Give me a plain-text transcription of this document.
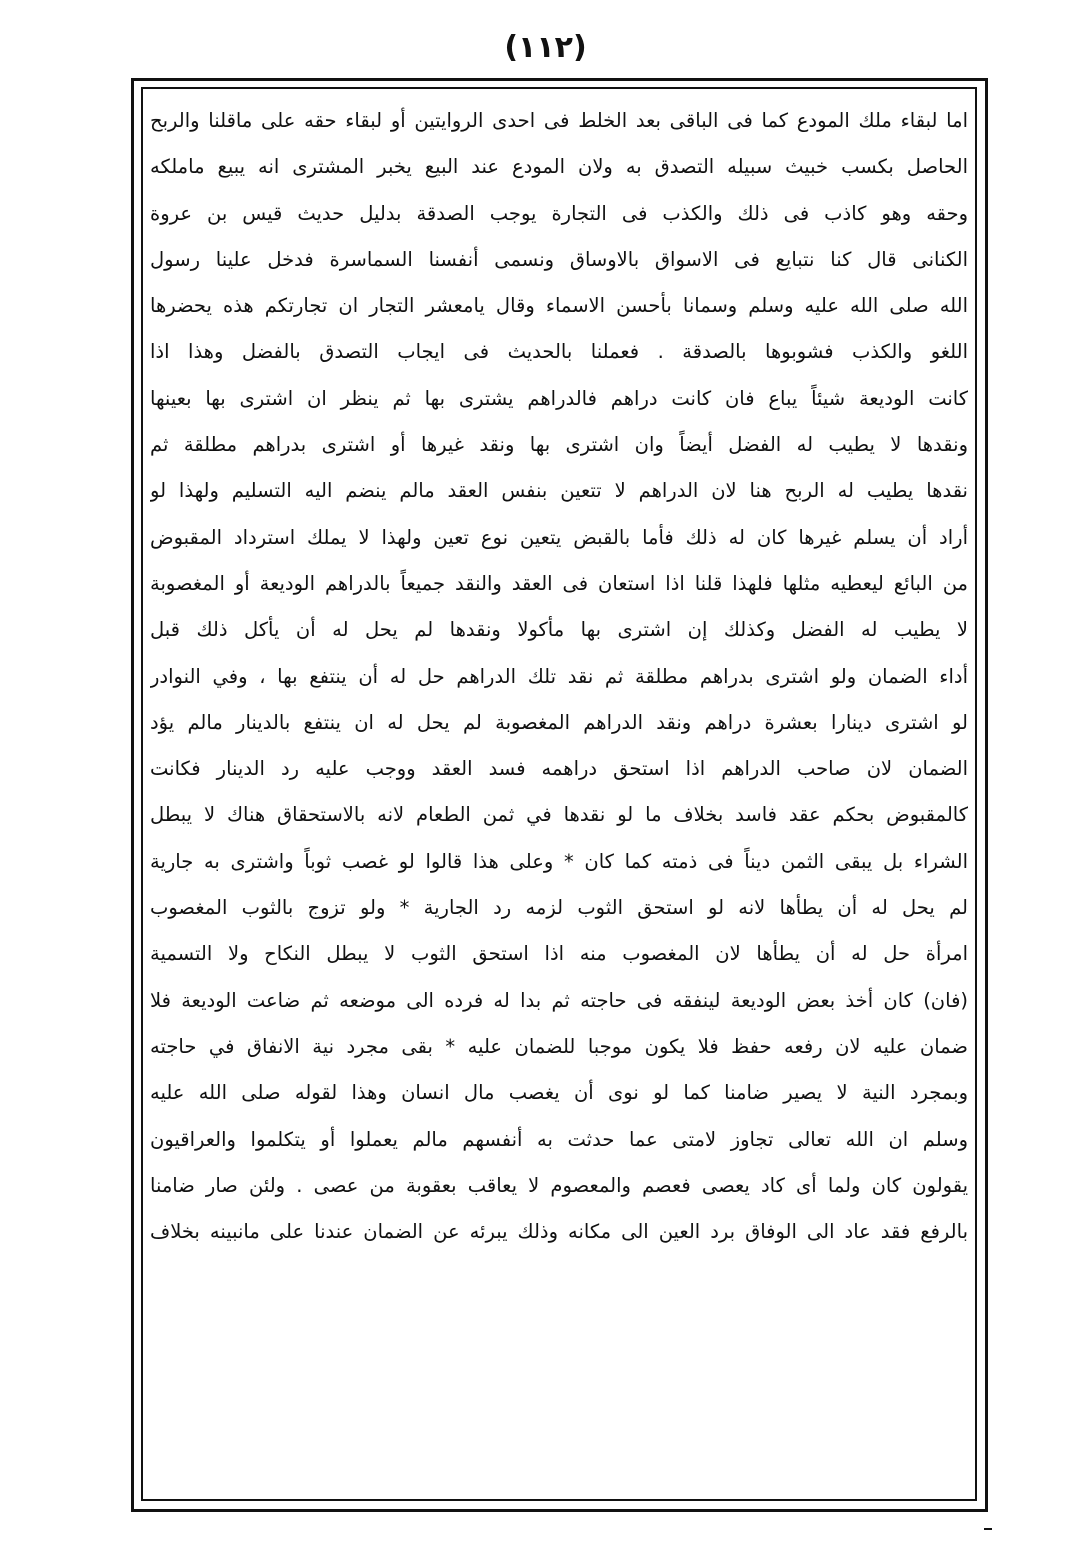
(١١٢)
اما لبقاء ملك المودع كما فى الباقى بعد الخلط فى احدى الروايتين أو لبقاء حقه على ماقلنا والربح
الحاصل بكسب خبيث سبيله التصدق به ولان المودع عند البيع يخبر المشترى انه يبيع ماملكه
وحقه وهو كاذب فى ذلك والكذب فى التجارة يوجب الصدقة بدليل حديث قيس بن عروة
الكنانى قال كنا نتبايع فى الاسواق بالاوساق ونسمى أنفسنا السماسرة فدخل علينا رسول
الله صلى الله عليه وسلم وسمانا بأحسن الاسماء وقال يامعشر التجار ان تجارتكم هذه يحضرها
اللغو والكذب فشوبوها بالصدقة . فعملنا بالحديث فى ايجاب التصدق بالفضل وهذا اذا
كانت الوديعة شيئاً يباع فان كانت دراهم فالدراهم يشترى بها ثم ينظر ان اشترى بها بعينها
ونقدها لا يطيب له الفضل أيضاً وان اشترى بها ونقد غيرها أو اشترى بدراهم مطلقة ثم
نقدها يطيب له الربح هنا لان الدراهم لا تتعين بنفس العقد مالم ينضم اليه التسليم ولهذا لو
أراد أن يسلم غيرها كان له ذلك فأما بالقبض يتعين نوع تعين ولهذا لا يملك استرداد المقبوض
من البائع ليعطيه مثلها فلهذا قلنا اذا استعان فى العقد والنقد جميعاً بالدراهم الوديعة أو المغصوبة
لا يطيب له الفضل وكذلك إن اشترى بها مأكولا ونقدها لم يحل له أن يأكل ذلك قبل
أداء الضمان ولو اشترى بدراهم مطلقة ثم نقد تلك الدراهم حل له أن ينتفع بها ، وفي النوادر
لو اشترى دينارا بعشرة دراهم ونقد الدراهم المغصوبة لم يحل له ان ينتفع بالدينار مالم يؤد
الضمان لان صاحب الدراهم اذا استحق دراهمه فسد العقد ووجب عليه رد الدينار فكانت
كالمقبوض بحكم عقد فاسد بخلاف ما لو نقدها في ثمن الطعام لانه بالاستحقاق هناك لا يبطل
الشراء بل يبقى الثمن ديناً فى ذمته كما كان * وعلى هذا قالوا لو غصب ثوباً واشترى به جارية
لم يحل له أن يطأها لانه لو استحق الثوب لزمه رد الجارية * ولو تزوج بالثوب المغصوب
امرأة حل له أن يطأها لان المغصوب منه اذا استحق الثوب لا يبطل النكاح ولا التسمية
(فان) كان أخذ بعض الوديعة لينفقه فى حاجته ثم بدا له فرده الى موضعه ثم ضاعت الوديعة فلا
ضمان عليه لان رفعه حفظ فلا يكون موجبا للضمان عليه * بقى مجرد نية الانفاق في حاجته
وبمجرد النية لا يصير ضامنا كما لو نوى أن يغصب مال انسان وهذا لقوله صلى الله عليه
وسلم ان الله تعالى تجاوز لامتى عما حدثت به أنفسهم مالم يعملوا أو يتكلموا والعراقيون
يقولون كان ولما أى كاد يعصى فعصم والمعصوم لا يعاقب بعقوبة من عصى . ولئن صار ضامنا
بالرفع فقد عاد الى الوفاق برد العين الى مكانه وذلك يبرئه عن الضمان عندنا على مانبينه بخلاف
